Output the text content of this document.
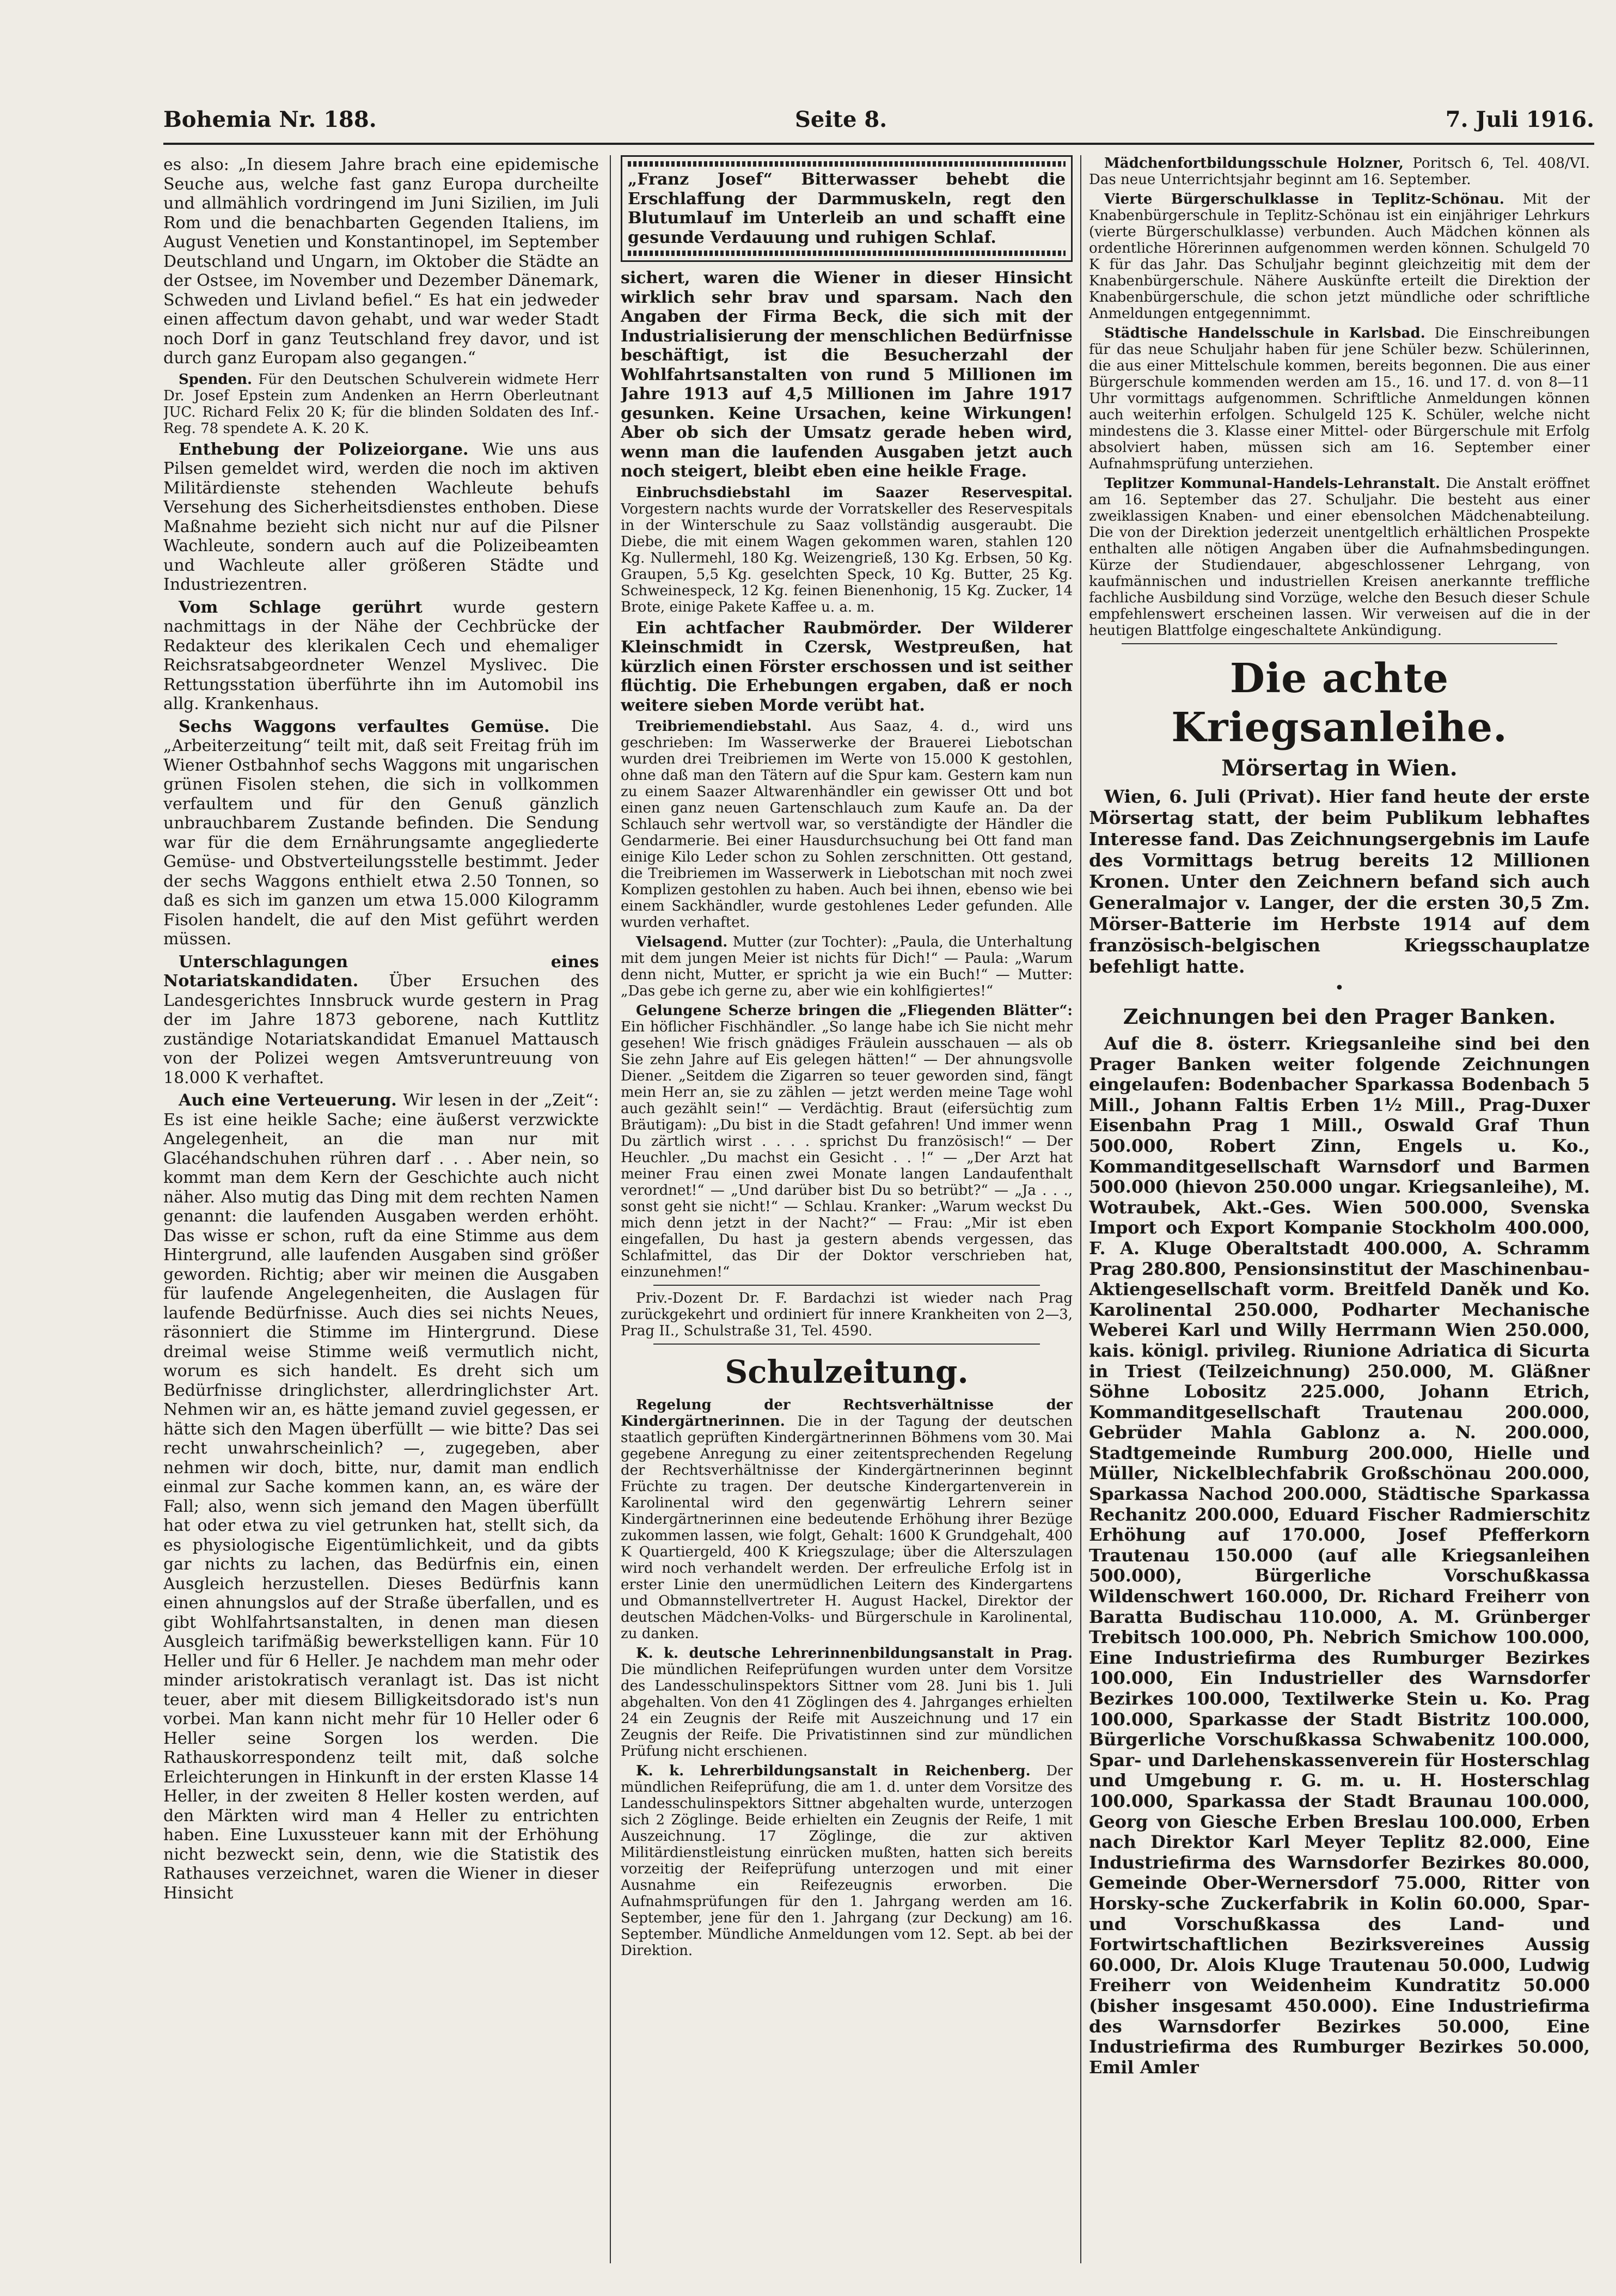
Bohemia Nr. 188.	Seite 8.	7. Juli 1916.

es also: „In diesem Jahre brach eine epidemische Seuche aus, welche fast ganz Europa durcheilte und allmählich vordringend im Juni Sizilien, im Juli Rom und die benachbarten Gegenden Italiens, im August Venetien und Konstantinopel, im September Deutschland und Ungarn, im Oktober die Städte an der Ostsee, im November und Dezember Dänemark, Schweden und Livland befiel.“ Es hat ein jedweder einen affectum davon gehabt, und war weder Stadt noch Dorf in ganz Teutschland frey davor, und ist durch ganz Europam also gegangen.“

Spenden. Für den Deutschen Schulverein widmete Herr Dr. Josef Epstein zum Andenken an Herrn Oberleutnant JUC. Richard Felix 20 K; für die blinden Soldaten des Inf.-Reg. 78 spendete A. K. 20 K.

Enthebung der Polizeiorgane. Wie uns aus Pilsen gemeldet wird, werden die noch im aktiven Militärdienste stehenden Wachleute behufs Versehung des Sicherheitsdienstes enthoben. Diese Maßnahme bezieht sich nicht nur auf die Pilsner Wachleute, sondern auch auf die Polizeibeamten und Wachleute aller größeren Städte und Industriezentren.

Vom Schlage gerührt wurde gestern nachmittags in der Nähe der Cechbrücke der Redakteur des klerikalen Cech und ehemaliger Reichsratsabgeordneter Wenzel Myslivec. Die Rettungsstation überführte ihn im Automobil ins allg. Krankenhaus.

Sechs Waggons verfaultes Gemüse. Die „Arbeiterzeitung“ teilt mit, daß seit Freitag früh im Wiener Ostbahnhof sechs Waggons mit ungarischen grünen Fisolen stehen, die sich in vollkommen verfaultem und für den Genuß gänzlich unbrauchbarem Zustande befinden. Die Sendung war für die dem Ernährungsamte angegliederte Gemüse- und Obstverteilungsstelle bestimmt. Jeder der sechs Waggons enthielt etwa 2.50 Tonnen, so daß es sich im ganzen um etwa 15.000 Kilogramm Fisolen handelt, die auf den Mist geführt werden müssen.

Unterschlagungen eines Notariatskandidaten. Über Ersuchen des Landesgerichtes Innsbruck wurde gestern in Prag der im Jahre 1873 geborene, nach Kuttlitz zuständige Notariatskandidat Emanuel Mattausch von der Polizei wegen Amtsveruntreuung von 18.000 K verhaftet.

Auch eine Verteuerung. Wir lesen in der „Zeit“: Es ist eine heikle Sache; eine äußerst verzwickte Angelegenheit, an die man nur mit Glacéhandschuhen rühren darf . . . Aber nein, so kommt man dem Kern der Geschichte auch nicht näher. Also mutig das Ding mit dem rechten Namen genannt: die laufenden Ausgaben werden erhöht. Das wisse er schon, ruft da eine Stimme aus dem Hintergrund, alle laufenden Ausgaben sind größer geworden. Richtig; aber wir meinen die Ausgaben für laufende Angelegenheiten, die Auslagen für laufende Bedürfnisse. Auch dies sei nichts Neues, räsonniert die Stimme im Hintergrund. Diese dreimal weise Stimme weiß vermutlich nicht, worum es sich handelt. Es dreht sich um Bedürfnisse dringlichster, allerdringlichster Art. Nehmen wir an, es hätte jemand zuviel gegessen, er hätte sich den Magen überfüllt — wie bitte? Das sei recht unwahrscheinlich? —, zugegeben, aber nehmen wir doch, bitte, nur, damit man endlich einmal zur Sache kommen kann, an, es wäre der Fall; also, wenn sich jemand den Magen überfüllt hat oder etwa zu viel getrunken hat, stellt sich, da es physiologische Eigentümlichkeit, und da gibts gar nichts zu lachen, das Bedürfnis ein, einen Ausgleich herzustellen. Dieses Bedürfnis kann einen ahnungslos auf der Straße überfallen, und es gibt Wohlfahrtsanstalten, in denen man diesen Ausgleich tarifmäßig bewerkstelligen kann. Für 10 Heller und für 6 Heller. Je nachdem man mehr oder minder aristokratisch veranlagt ist. Das ist nicht teuer, aber mit diesem Billigkeitsdorado ist's nun vorbei. Man kann nicht mehr für 10 Heller oder 6 Heller seine Sorgen los werden. Die Rathauskorrespondenz teilt mit, daß solche Erleichterungen in Hinkunft in der ersten Klasse 14 Heller, in der zweiten 8 Heller kosten werden, auf den Märkten wird man 4 Heller zu entrichten haben. Eine Luxussteuer kann mit der Erhöhung nicht bezweckt sein, denn, wie die Statistik des Rathauses verzeichnet, waren die Wiener in dieser Hinsicht

„Franz Josef“ Bitterwasser behebt die Erschlaffung der Darmmuskeln, regt den Blutumlauf im Unterleib an und schafft eine gesunde Verdauung und ruhigen Schlaf.

sichert, waren die Wiener in dieser Hinsicht wirklich sehr brav und sparsam. Nach den Angaben der Firma Beck, die sich mit der Industrialisierung der menschlichen Bedürfnisse beschäftigt, ist die Besucherzahl der Wohlfahrtsanstalten von rund 5 Millionen im Jahre 1913 auf 4,5 Millionen im Jahre 1917 gesunken. Keine Ursachen, keine Wirkungen! Aber ob sich der Umsatz gerade heben wird, wenn man die laufenden Ausgaben jetzt auch noch steigert, bleibt eben eine heikle Frage.

Einbruchsdiebstahl im Saazer Reservespital. Vorgestern nachts wurde der Vorratskeller des Reservespitals in der Winterschule zu Saaz vollständig ausgeraubt. Die Diebe, die mit einem Wagen gekommen waren, stahlen 120 Kg. Nullermehl, 180 Kg. Weizengrieß, 130 Kg. Erbsen, 50 Kg. Graupen, 5,5 Kg. geselchten Speck, 10 Kg. Butter, 25 Kg. Schweinespeck, 12 Kg. feinen Bienenhonig, 15 Kg. Zucker, 14 Brote, einige Pakete Kaffee u. a. m.

Ein achtfacher Raubmörder. Der Wilderer Kleinschmidt in Czersk, Westpreußen, hat kürzlich einen Förster erschossen und ist seither flüchtig. Die Erhebungen ergaben, daß er noch weitere sieben Morde verübt hat.

Treibriemendiebstahl. Aus Saaz, 4. d., wird uns geschrieben: Im Wasserwerke der Brauerei Liebotschan wurden drei Treibriemen im Werte von 15.000 K gestohlen, ohne daß man den Tätern auf die Spur kam. Gestern kam nun zu einem Saazer Altwarenhändler ein gewisser Ott und bot einen ganz neuen Gartenschlauch zum Kaufe an. Da der Schlauch sehr wertvoll war, so verständigte der Händler die Gendarmerie. Bei einer Hausdurchsuchung bei Ott fand man einige Kilo Leder schon zu Sohlen zerschnitten. Ott gestand, die Treibriemen im Wasserwerk in Liebotschan mit noch zwei Komplizen gestohlen zu haben. Auch bei ihnen, ebenso wie bei einem Sackhändler, wurde gestohlenes Leder gefunden. Alle wurden verhaftet.

Vielsagend. Mutter (zur Tochter): „Paula, die Unterhaltung mit dem jungen Meier ist nichts für Dich!“ — Paula: „Warum denn nicht, Mutter, er spricht ja wie ein Buch!“ — Mutter: „Das gebe ich gerne zu, aber wie ein kohlfigiertes!“

Gelungene Scherze bringen die „Fliegenden Blätter“: Ein höflicher Fischhändler. „So lange habe ich Sie nicht mehr gesehen! Wie frisch gnädiges Fräulein ausschauen — als ob Sie zehn Jahre auf Eis gelegen hätten!“ — Der ahnungsvolle Diener. „Seitdem die Zigarren so teuer geworden sind, fängt mein Herr an, sie zu zählen — jetzt werden meine Tage wohl auch gezählt sein!“ — Verdächtig. Braut (eifersüchtig zum Bräutigam): „Du bist in die Stadt gefahren! Und immer wenn Du zärtlich wirst . . . . sprichst Du französisch!“ — Der Heuchler. „Du machst ein Gesicht . . !“ — „Der Arzt hat meiner Frau einen zwei Monate langen Landaufenthalt verordnet!“ — „Und darüber bist Du so betrübt?“ — „Ja . . ., sonst geht sie nicht!“ — Schlau. Kranker: „Warum weckst Du mich denn jetzt in der Nacht?“ — Frau: „Mir ist eben eingefallen, Du hast ja gestern abends vergessen, das Schlafmittel, das Dir der Doktor verschrieben hat, einzunehmen!“

Priv.-Dozent Dr. F. Bardachzi ist wieder nach Prag zurückgekehrt und ordiniert für innere Krankheiten von 2—3, Prag II., Schulstraße 31, Tel. 4590.

Schulzeitung.

Regelung der Rechtsverhältnisse der Kindergärtnerinnen. Die in der Tagung der deutschen staatlich geprüften Kindergärtnerinnen Böhmens vom 30. Mai gegebene Anregung zu einer zeitentsprechenden Regelung der Rechtsverhältnisse der Kindergärtnerinnen beginnt Früchte zu tragen. Der deutsche Kindergartenverein in Karolinental wird den gegenwärtig Lehrern seiner Kindergärtnerinnen eine bedeutende Erhöhung ihrer Bezüge zukommen lassen, wie folgt, Gehalt: 1600 K Grundgehalt, 400 K Quartiergeld, 400 K Kriegszulage; über die Alterszulagen wird noch verhandelt werden. Der erfreuliche Erfolg ist in erster Linie den unermüdlichen Leitern des Kindergartens und Obmannstellvertreter H. August Hackel, Direktor der deutschen Mädchen-Volks- und Bürgerschule in Karolinental, zu danken.

K. k. deutsche Lehrerinnenbildungsanstalt in Prag. Die mündlichen Reifeprüfungen wurden unter dem Vorsitze des Landesschulinspektors Sittner vom 28. Juni bis 1. Juli abgehalten. Von den 41 Zöglingen des 4. Jahrganges erhielten 24 ein Zeugnis der Reife mit Auszeichnung und 17 ein Zeugnis der Reife. Die Privatistinnen sind zur mündlichen Prüfung nicht erschienen.

K. k. Lehrerbildungsanstalt in Reichenberg. Der mündlichen Reifeprüfung, die am 1. d. unter dem Vorsitze des Landesschulinspektors Sittner abgehalten wurde, unterzogen sich 2 Zöglinge. Beide erhielten ein Zeugnis der Reife, 1 mit Auszeichnung. 17 Zöglinge, die zur aktiven Militärdienstleistung einrücken mußten, hatten sich bereits vorzeitig der Reifeprüfung unterzogen und mit einer Ausnahme ein Reifezeugnis erworben. Die Aufnahmsprüfungen für den 1. Jahrgang werden am 16. September, jene für den 1. Jahrgang (zur Deckung) am 16. September. Mündliche Anmeldungen vom 12. Sept. ab bei der Direktion.

Mädchenfortbildungsschule Holzner, Poritsch 6, Tel. 408/VI. Das neue Unterrichtsjahr beginnt am 16. September.

Vierte Bürgerschulklasse in Teplitz-Schönau. Mit der Knabenbürgerschule in Teplitz-Schönau ist ein einjähriger Lehrkurs (vierte Bürgerschulklasse) verbunden. Auch Mädchen können als ordentliche Hörerinnen aufgenommen werden können. Schulgeld 70 K für das Jahr. Das Schuljahr beginnt gleichzeitig mit dem der Knabenbürgerschule. Nähere Auskünfte erteilt die Direktion der Knabenbürgerschule, die schon jetzt mündliche oder schriftliche Anmeldungen entgegennimmt.

Städtische Handelsschule in Karlsbad. Die Einschreibungen für das neue Schuljahr haben für jene Schüler bezw. Schülerinnen, die aus einer Mittelschule kommen, bereits begonnen. Die aus einer Bürgerschule kommenden werden am 15., 16. und 17. d. von 8—11 Uhr vormittags aufgenommen. Schriftliche Anmeldungen können auch weiterhin erfolgen. Schulgeld 125 K. Schüler, welche nicht mindestens die 3. Klasse einer Mittel- oder Bürgerschule mit Erfolg absolviert haben, müssen sich am 16. September einer Aufnahmsprüfung unterziehen.

Teplitzer Kommunal-Handels-Lehranstalt. Die Anstalt eröffnet am 16. September das 27. Schuljahr. Die besteht aus einer zweiklassigen Knaben- und einer ebensolchen Mädchenabteilung. Die von der Direktion jederzeit unentgeltlich erhältlichen Prospekte enthalten alle nötigen Angaben über die Aufnahmsbedingungen. Kürze der Studiendauer, abgeschlossener Lehrgang, von kaufmännischen und industriellen Kreisen anerkannte treffliche fachliche Ausbildung sind Vorzüge, welche den Besuch dieser Schule empfehlenswert erscheinen lassen. Wir verweisen auf die in der heutigen Blattfolge eingeschaltete Ankündigung.

Die achte Kriegsanleihe.
Mörsertag in Wien.

Wien, 6. Juli (Privat). Hier fand heute der erste Mörsertag statt, der beim Publikum lebhaftes Interesse fand. Das Zeichnungsergebnis im Laufe des Vormittags betrug bereits 12 Millionen Kronen. Unter den Zeichnern befand sich auch Generalmajor v. Langer, der die ersten 30,5 Zm. Mörser-Batterie im Herbste 1914 auf dem französisch-belgischen Kriegsschauplatze befehligt hatte.

•
Zeichnungen bei den Prager Banken.

Auf die 8. österr. Kriegsanleihe sind bei den Prager Banken weiter folgende Zeichnungen eingelaufen: Bodenbacher Sparkassa Bodenbach 5 Mill., Johann Faltis Erben 1½ Mill., Prag-Duxer Eisenbahn Prag 1 Mill., Oswald Graf Thun 500.000, Robert Zinn, Engels u. Ko., Kommanditgesellschaft Warnsdorf und Barmen 500.000 (hievon 250.000 ungar. Kriegsanleihe), M. Wotraubek, Akt.-Ges. Wien 500.000, Svenska Import och Export Kompanie Stockholm 400.000, F. A. Kluge Oberaltstadt 400.000, A. Schramm Prag 280.800, Pensionsinstitut der Maschinenbau-Aktiengesellschaft vorm. Breitfeld Daněk und Ko. Karolinental 250.000, Podharter Mechanische Weberei Karl und Willy Herrmann Wien 250.000, kais. königl. privileg. Riunione Adriatica di Sicurta in Triest (Teilzeichnung) 250.000, M. Gläßner Söhne Lobositz 225.000, Johann Etrich, Kommanditgesellschaft Trautenau 200.000, Gebrüder Mahla Gablonz a. N. 200.000, Stadtgemeinde Rumburg 200.000, Hielle und Müller, Nickelblechfabrik Großschönau 200.000, Sparkassa Nachod 200.000, Städtische Sparkassa Rechanitz 200.000, Eduard Fischer Radmierschitz Erhöhung auf 170.000, Josef Pfefferkorn Trautenau 150.000 (auf alle Kriegsanleihen 500.000), Bürgerliche Vorschußkassa Wildenschwert 160.000, Dr. Richard Freiherr von Baratta Budischau 110.000, A. M. Grünberger Trebitsch 100.000, Ph. Nebrich Smichow 100.000, Eine Industriefirma des Rumburger Bezirkes 100.000, Ein Industrieller des Warnsdorfer Bezirkes 100.000, Textilwerke Stein u. Ko. Prag 100.000, Sparkasse der Stadt Bistritz 100.000, Bürgerliche Vorschußkassa Schwabenitz 100.000, Spar- und Darlehenskassenverein für Hosterschlag und Umgebung r. G. m. u. H. Hosterschlag 100.000, Sparkassa der Stadt Braunau 100.000, Georg von Giesche Erben Breslau 100.000, Erben nach Direktor Karl Meyer Teplitz 82.000, Eine Industriefirma des Warnsdorfer Bezirkes 80.000, Gemeinde Ober-Wernersdorf 75.000, Ritter von Horsky-sche Zuckerfabrik in Kolin 60.000, Spar- und Vorschußkassa des Land- und Fortwirtschaftlichen Bezirksvereines Aussig 60.000, Dr. Alois Kluge Trautenau 50.000, Ludwig Freiherr von Weidenheim Kundratitz 50.000 (bisher insgesamt 450.000). Eine Industriefirma des Warnsdorfer Bezirkes 50.000, Eine Industriefirma des Rumburger Bezirkes 50.000, Emil Amler
